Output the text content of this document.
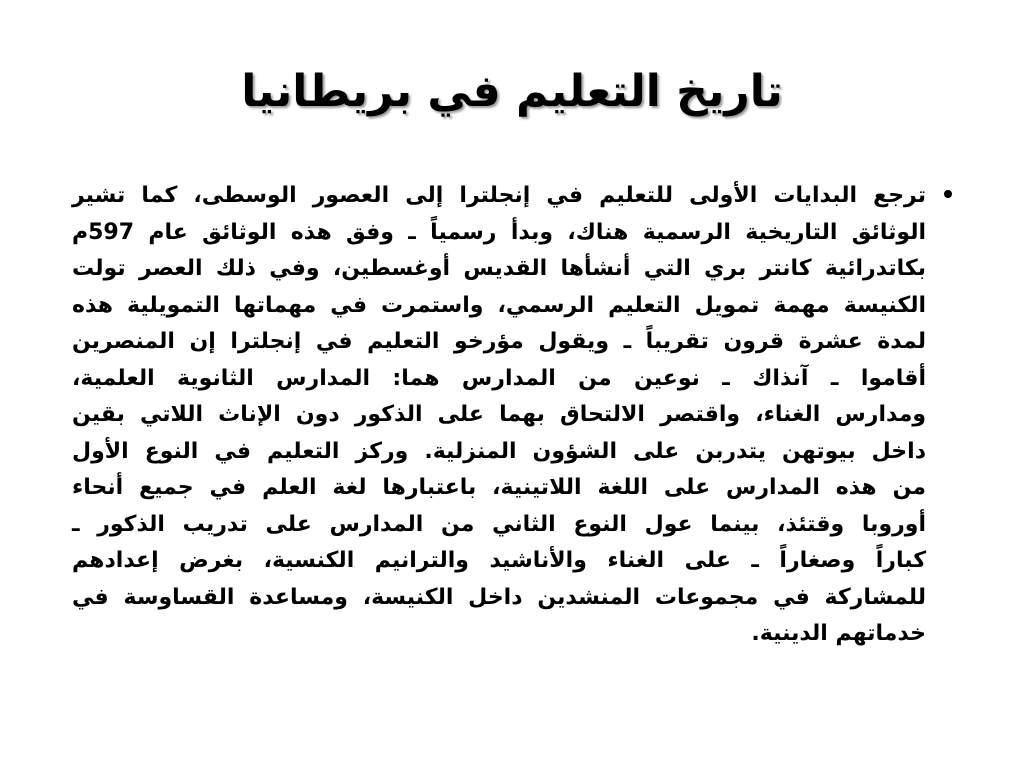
تاريخ التعليم في بريطانيا
ترجع البدايات الأولى للتعليم في إنجلترا إلى العصور الوسطى، كما تشير
الوثائق التاريخية الرسمية هناك، وبدأ رسمياً ـ وفق هذه الوثائق عام 597م
بكاتدرائية كانتر بري التي أنشأها القديس أوغسطين، وفي ذلك العصر تولت
الكنيسة مهمة تمويل التعليم الرسمي، واستمرت في مهماتها التمويلية هذه
لمدة عشرة قرون تقريباً ـ ويقول مؤرخو التعليم في إنجلترا إن المنصرين
أقاموا ـ آنذاك ـ نوعين من المدارس هما: المدارس الثانوية العلمية،
ومدارس الغناء، واقتصر الالتحاق بهما على الذكور دون الإناث اللاتي بقين
داخل بيوتهن يتدربن على الشؤون المنزلية. وركز التعليم في النوع الأول
من هذه المدارس على اللغة اللاتينية، باعتبارها لغة العلم في جميع أنحاء
أوروبا وقتئذ، بينما عول النوع الثاني من المدارس على تدريب الذكور ـ
كباراً وصغاراً ـ على الغناء والأناشيد والترانيم الكنسية، بغرض إعدادهم
للمشاركة في مجموعات المنشدين داخل الكنيسة، ومساعدة القساوسة في
خدماتهم الدينية.
